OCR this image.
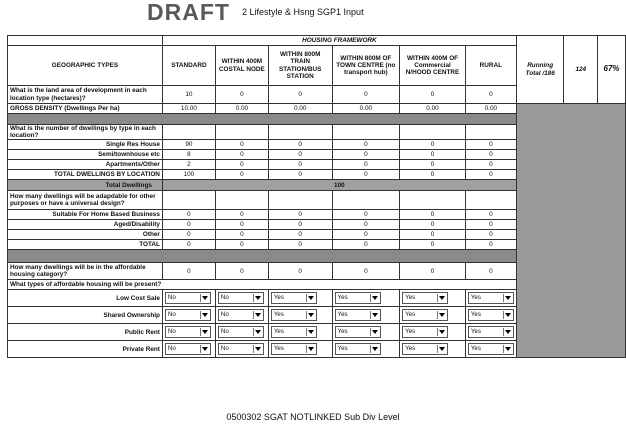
DRAFT 2 Lifestyle & Hsng SGP1 Input
	HOUSING FRAMEWORK						Running Total /186	124	67%
GEOGRAPHIC TYPES	STANDARD	WITHIN 400M COSTAL NODE	WITHIN 800M TRAIN STATION/BUS STATION	WITHIN 800M OF TOWN CENTRE (no transport hub)	WITHIN 400M OF Commercial N/HOOD CENTRE	RURAL			
What is the land area of development in each location type (hectares)?	10	0	0	0	0	0			
GROSS DENSITY (Dwellings Per ha)	10.00	0.00	0.00	0.00	0.00	0.00			

What is the number of dwellings by type in each location?									
Single Res House	90	0	0	0	0	0			
Semi/townhouse etc	8	0	0	0	0	0			
Apartments/Other	2	0	0	0	0	0			
TOTAL DWELLINGS BY LOCATION	100	0	0	0	0	0			
Total Dwellings	100								
How many dwellings will be adapdable for other purposes or have a universal design?									
Suitable For Home Based Business	0	0	0	0	0	0			
Aged/Disability	0	0	0	0	0	0			
Other	0	0	0	0	0	0			
TOTAL	0	0	0	0	0	0			

How many dwellings will be in the affordable housing category?	0	0	0	0	0	0			
What types of affordable housing will be present?									
Low Cost Sale	No	No	Yes	Yes	Yes	Yes			

Shared Ownership	No	No	Yes	Yes	Yes	Yes			

Public Rent	No	No	Yes	Yes	Yes	Yes			

Private Rent	No	No	Yes	Yes	Yes	Yes			
0500302 SGAT NOTLINKED Sub Div Level
